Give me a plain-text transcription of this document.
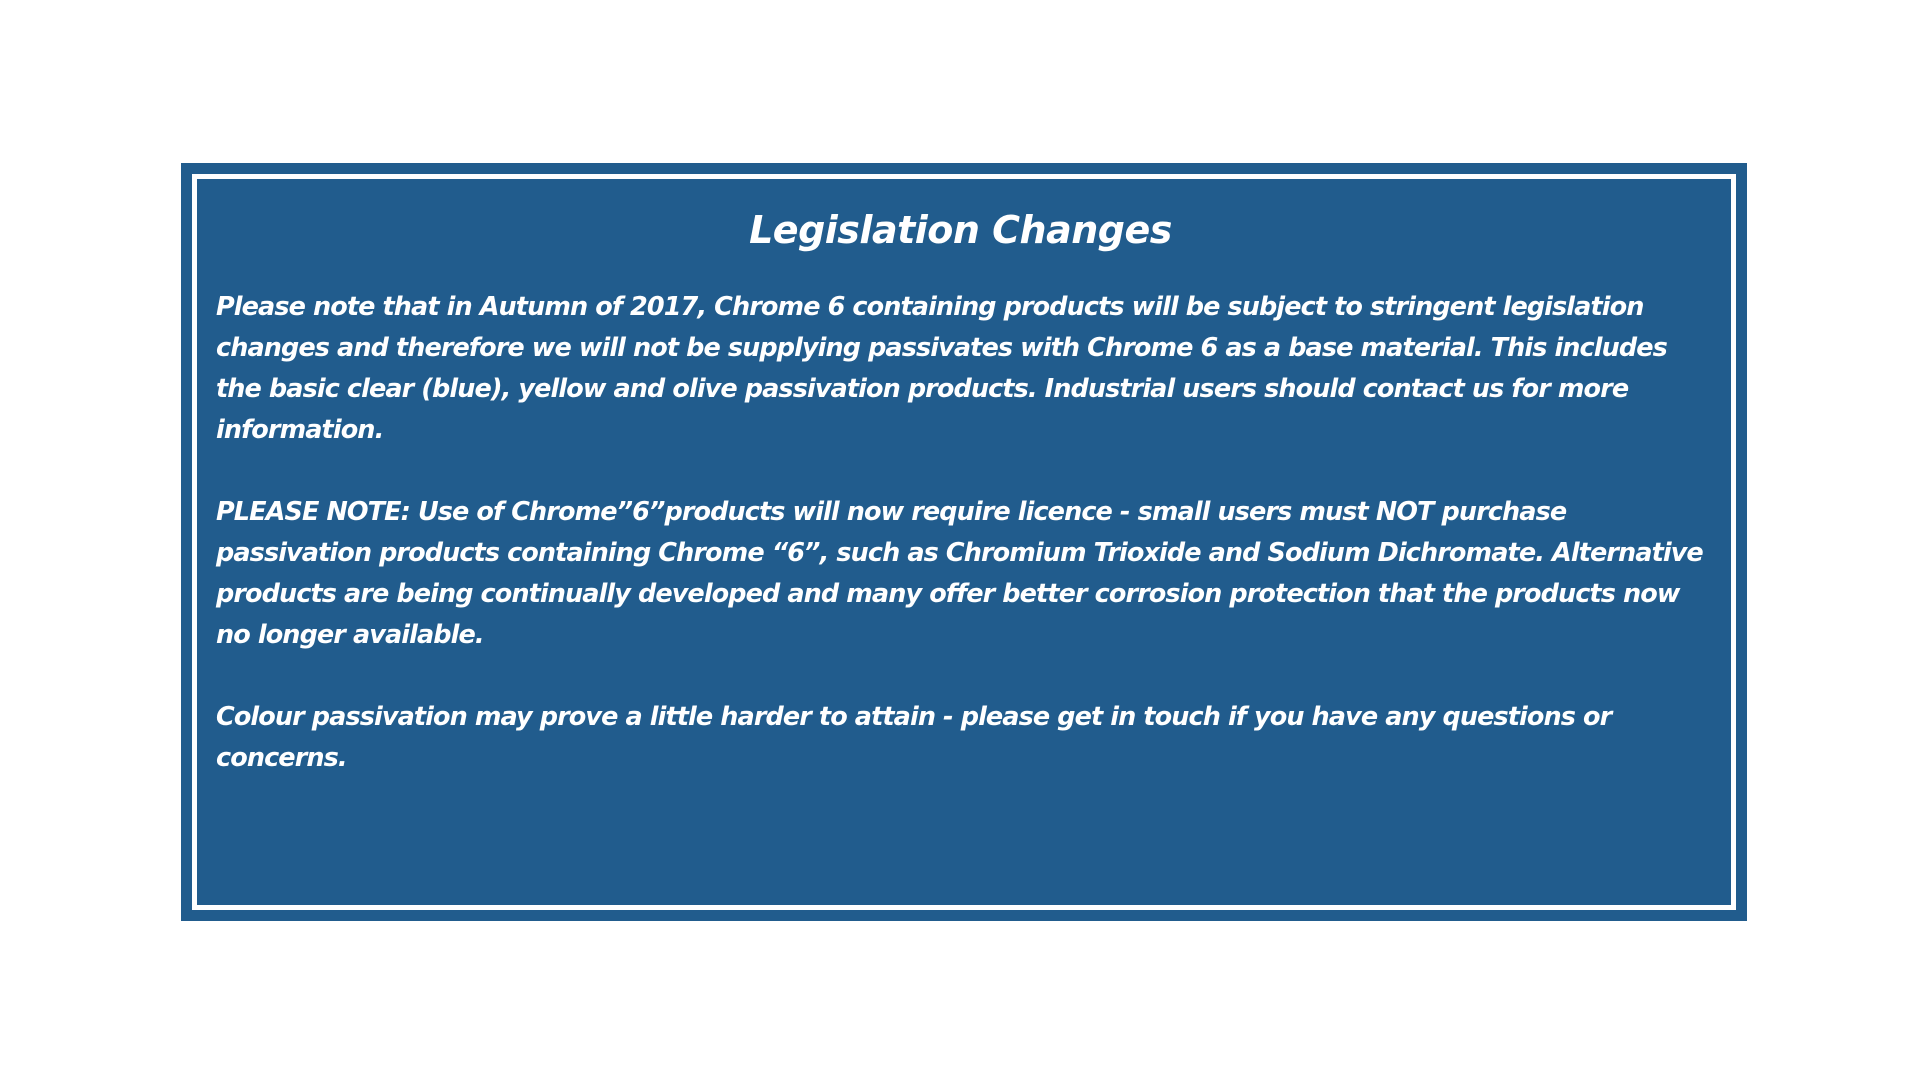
Legislation Changes

Please note that in Autumn of 2017, Chrome 6 containing products will be subject to stringent legislation changes and therefore we will not be supplying passivates with Chrome 6 as a base material. This includes the basic clear (blue), yellow and olive passivation products. Industrial users should contact us for more information.

PLEASE NOTE: Use of Chrome”6”products will now require licence - small users must NOT purchase passivation products containing Chrome “6”, such as Chromium Trioxide and Sodium Dichromate. Alternative products are being continually developed and many offer better corrosion protection that the products now no longer available.

Colour passivation may prove a little harder to attain - please get in touch if you have any questions or concerns.
